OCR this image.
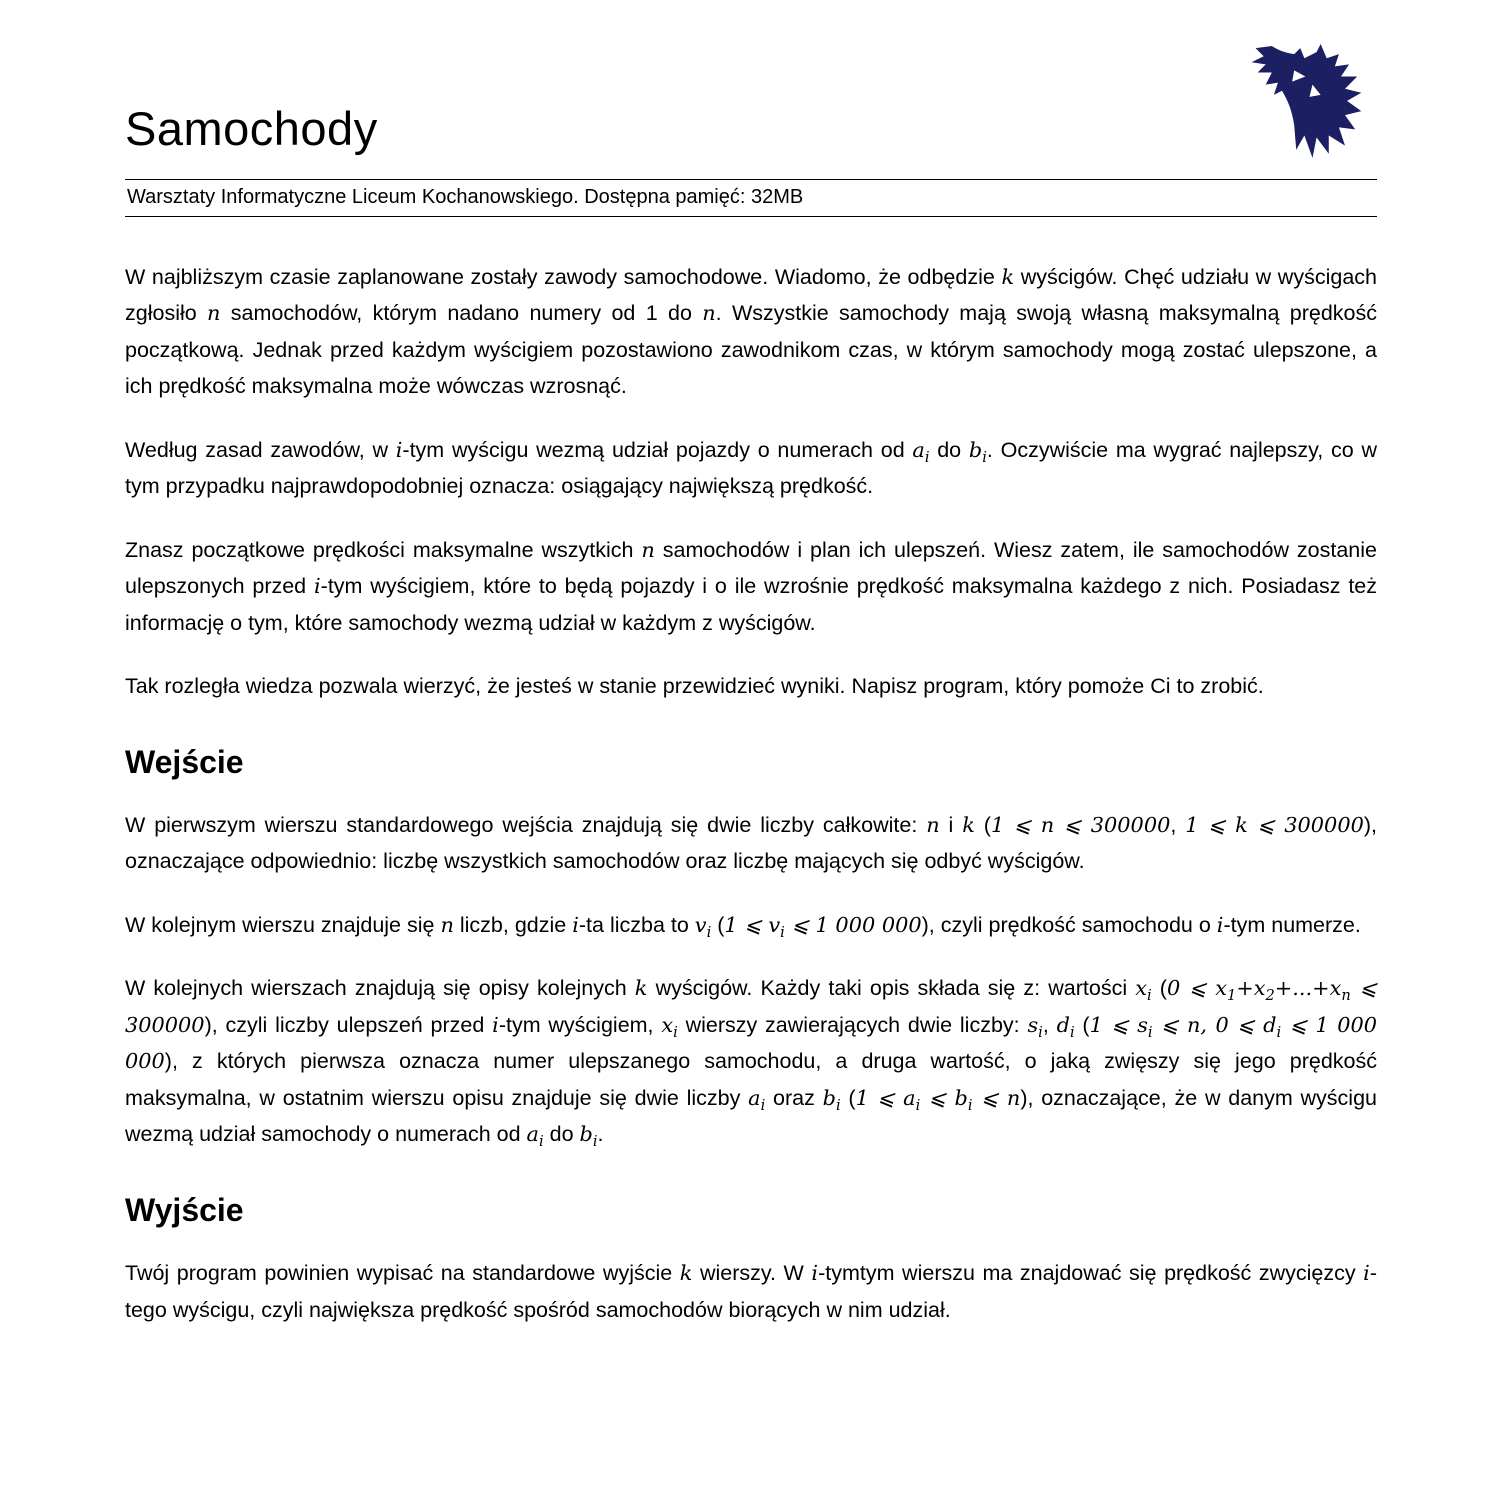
Samochody
Warsztaty Informatyczne Liceum Kochanowskiego. Dostępna pamięć: 32MB

W najbliższym czasie zaplanowane zostały zawody samochodowe. Wiadomo, że odbędzie k wyścigów. Chęć udziału w wyścigach zgłosiło n samochodów, którym nadano numery od 1 do n. Wszystkie samochody mają swoją własną maksymalną prędkość początkową. Jednak przed każdym wyścigiem pozostawiono zawodnikom czas, w którym samochody mogą zostać ulepszone, a ich prędkość maksymalna może wówczas wzrosnąć.

Według zasad zawodów, w i-tym wyścigu wezmą udział pojazdy o numerach od $a_i$ do $b_i$. Oczywiście ma wygrać najlepszy, co w tym przypadku najprawdopodobniej oznacza: osiągający największą prędkość.

Znasz początkowe prędkości maksymalne wszytkich n samochodów i plan ich ulepszeń. Wiesz zatem, ile samochodów zostanie ulepszonych przed i-tym wyścigiem, które to będą pojazdy i o ile wzrośnie prędkość maksymalna każdego z nich. Posiadasz też informację o tym, które samochody wezmą udział w każdym z wyścigów.

Tak rozległa wiedza pozwala wierzyć, że jesteś w stanie przewidzieć wyniki. Napisz program, który pomoże Ci to zrobić.

Wejście

W pierwszym wierszu standardowego wejścia znajdują się dwie liczby całkowite: n i k (1 ⩽ n ⩽ 300000, 1 ⩽ k ⩽ 300000), oznaczające odpowiednio: liczbę wszystkich samochodów oraz liczbę mających się odbyć wyścigów.

W kolejnym wierszu znajduje się n liczb, gdzie i-ta liczba to $v_i$ (1 ⩽ $v_i$ ⩽ 1 000 000), czyli prędkość samochodu o i-tym numerze.

W kolejnych wierszach znajdują się opisy kolejnych k wyścigów. Każdy taki opis składa się z: wartości $x_i$ (0 ⩽ $x_1+x_2+...+x_n$ ⩽ 300000), czyli liczby ulepszeń przed i-tym wyścigiem, $x_i$ wierszy zawierających dwie liczby: $s_i$, $d_i$ (1 ⩽ $s_i$ ⩽ n, 0 ⩽ $d_i$ ⩽ 1 000 000), z których pierwsza oznacza numer ulepszanego samochodu, a druga wartość, o jaką zwięszy się jego prędkość maksymalna, w ostatnim wierszu opisu znajduje się dwie liczby $a_i$ oraz $b_i$ (1 ⩽ $a_i$ ⩽ $b_i$ ⩽ n), oznaczające, że w danym wyścigu wezmą udział samochody o numerach od $a_i$ do $b_i$.

Wyjście

Twój program powinien wypisać na standardowe wyjście k wierszy. W i-tymtym wierszu ma znajdować się prędkość zwycięzcy i-tego wyścigu, czyli największa prędkość spośród samochodów biorących w nim udział.
